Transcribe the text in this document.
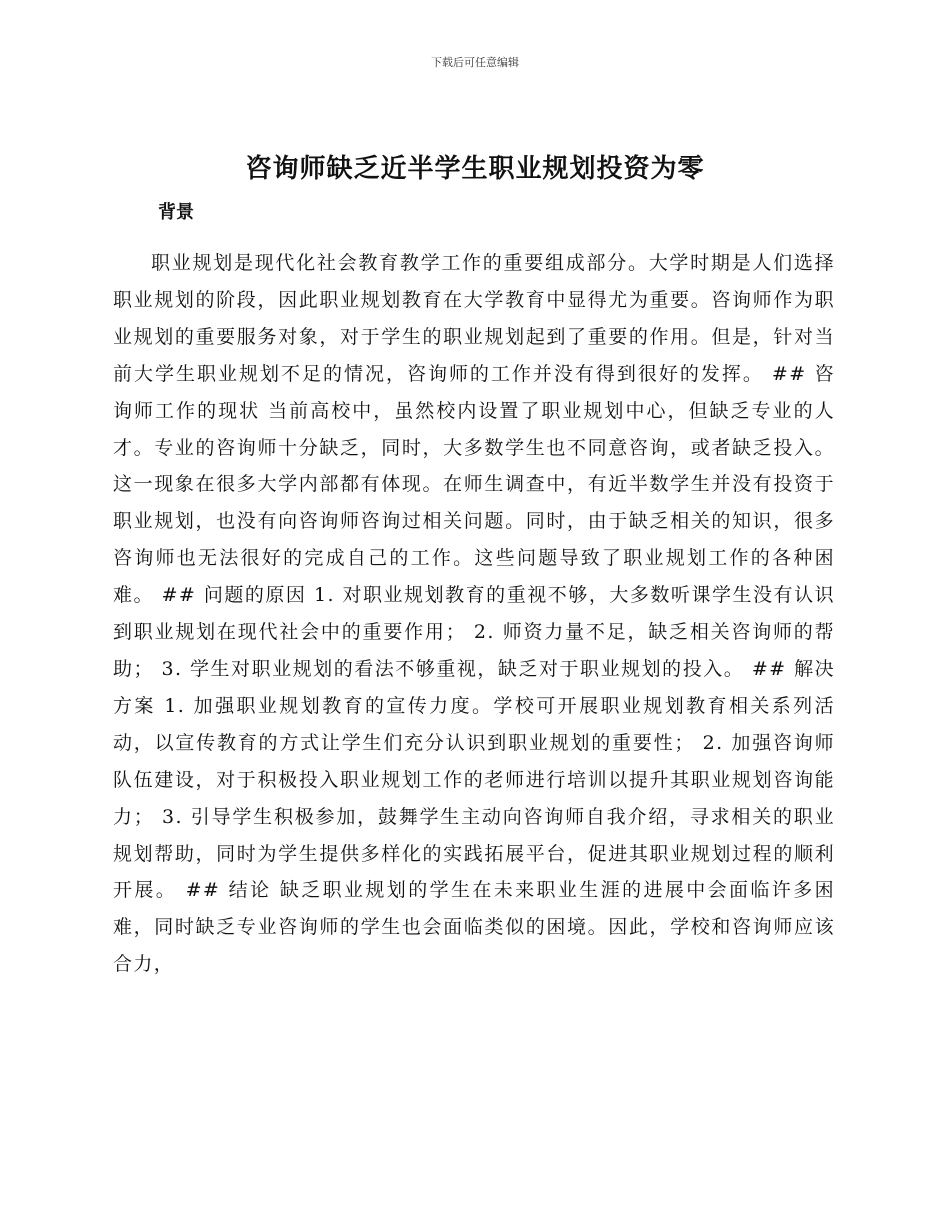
下载后可任意编辑
咨询师缺乏近半学生职业规划投资为零
背景

职业规划是现代化社会教育教学工作的重要组成部分。大学时期是人们选择职业规划的阶段，因此职业规划教育在大学教育中显得尤为重要。咨询师作为职业规划的重要服务对象，对于学生的职业规划起到了重要的作用。但是，针对当前大学生职业规划不足的情况，咨询师的工作并没有得到很好的发挥。 ## 咨询师工作的现状 当前高校中，虽然校内设置了职业规划中心，但缺乏专业的人才。专业的咨询师十分缺乏，同时，大多数学生也不同意咨询，或者缺乏投入。这一现象在很多大学内部都有体现。在师生调查中，有近半数学生并没有投资于职业规划，也没有向咨询师咨询过相关问题。同时，由于缺乏相关的知识，很多咨询师也无法很好的完成自己的工作。这些问题导致了职业规划工作的各种困难。 ## 问题的原因 1. 对职业规划教育的重视不够，大多数听课学生没有认识到职业规划在现代社会中的重要作用； 2. 师资力量不足，缺乏相关咨询师的帮助； 3. 学生对职业规划的看法不够重视，缺乏对于职业规划的投入。 ## 解决方案 1. 加强职业规划教育的宣传力度。学校可开展职业规划教育相关系列活动，以宣传教育的方式让学生们充分认识到职业规划的重要性； 2. 加强咨询师队伍建设，对于积极投入职业规划工作的老师进行培训以提升其职业规划咨询能力； 3. 引导学生积极参加，鼓舞学生主动向咨询师自我介绍，寻求相关的职业规划帮助，同时为学生提供多样化的实践拓展平台，促进其职业规划过程的顺利开展。 ## 结论 缺乏职业规划的学生在未来职业生涯的进展中会面临许多困难，同时缺乏专业咨询师的学生也会面临类似的困境。因此，学校和咨询师应该合力，
